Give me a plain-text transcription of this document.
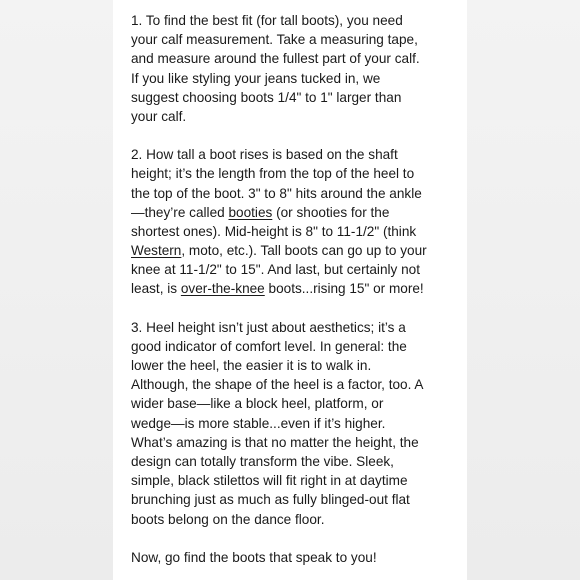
1. To find the best fit (for tall boots), you need
your calf measurement. Take a measuring tape,
and measure around the fullest part of your calf.
If you like styling your jeans tucked in, we
suggest choosing boots 1/4" to 1" larger than
your calf.

2. How tall a boot rises is based on the shaft
height; it’s the length from the top of the heel to
the top of the boot. 3" to 8" hits around the ankle
—they’re called booties (or shooties for the
shortest ones). Mid-height is 8" to 11-1/2" (think
Western, moto, etc.). Tall boots can go up to your
knee at 11-1/2" to 15". And last, but certainly not
least, is over-the-knee boots...rising 15" or more!

3. Heel height isn’t just about aesthetics; it’s a
good indicator of comfort level. In general: the
lower the heel, the easier it is to walk in.
Although, the shape of the heel is a factor, too. A
wider base—like a block heel, platform, or
wedge—is more stable...even if it’s higher.
What’s amazing is that no matter the height, the
design can totally transform the vibe. Sleek,
simple, black stilettos will fit right in at daytime
brunching just as much as fully blinged-out flat
boots belong on the dance floor.

Now, go find the boots that speak to you!
